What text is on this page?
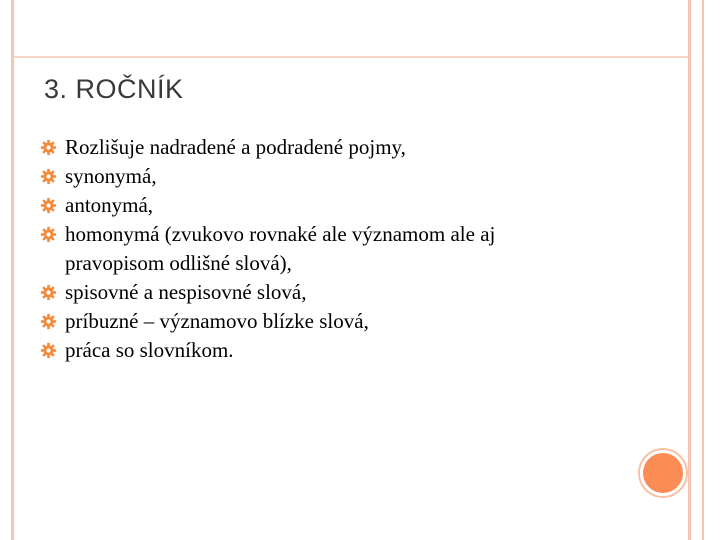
3. ROČNÍK
Rozlišuje nadradené a podradené pojmy,
synonymá,
antonymá,
homonymá (zvukovo rovnaké ale významom ale aj pravopisom odlišné slová),
spisovné a nespisovné slová,
príbuzné – významovo blízke slová,
práca so slovníkom.
